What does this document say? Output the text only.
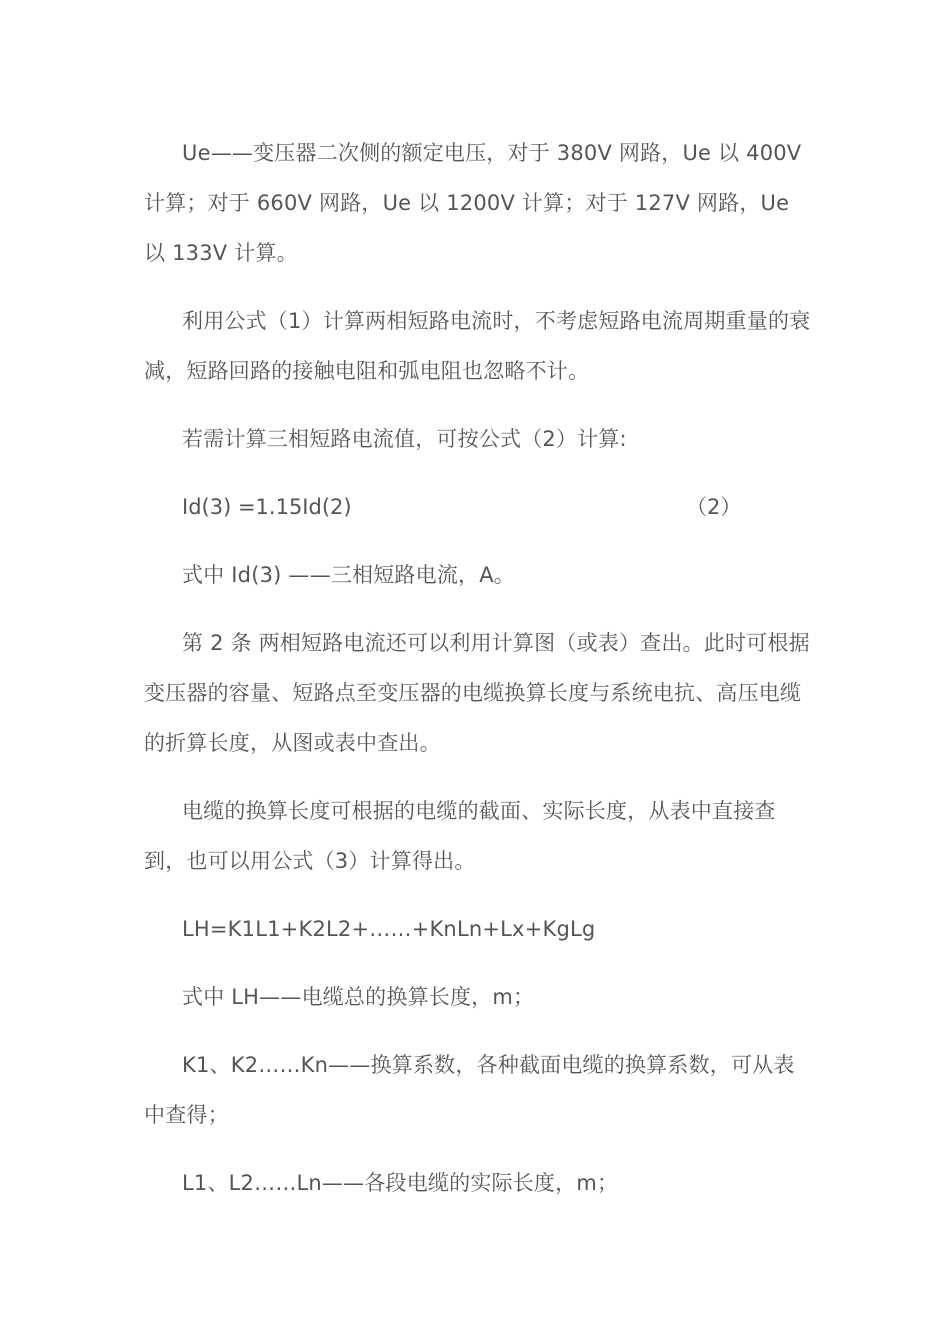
Ue——变压器二次侧的额定电压，对于 380V 网路，Ue 以 400V 计算；对于 660V 网路，Ue 以 1200V 计算；对于 127V 网路，Ue 以 133V 计算。

利用公式（1）计算两相短路电流时，不考虑短路电流周期重量的衰减，短路回路的接触电阻和弧电阻也忽略不计。

若需计算三相短路电流值，可按公式（2）计算:

Id(3) =1.15Id(2)	（2）

式中 Id(3) ——三相短路电流，A。

第 2 条 两相短路电流还可以利用计算图（或表）查出。此时可根据变压器的容量、短路点至变压器的电缆换算长度与系统电抗、高压电缆的折算长度，从图或表中查出。

电缆的换算长度可根据的电缆的截面、实际长度，从表中直接查到，也可以用公式（3）计算得出。

LH=K1L1+K2L2+……+KnLn+Lx+KgLg

式中 LH——电缆总的换算长度，m；

K1、K2……Kn——换算系数，各种截面电缆的换算系数，可从表中查得；

L1、L2……Ln——各段电缆的实际长度，m；
